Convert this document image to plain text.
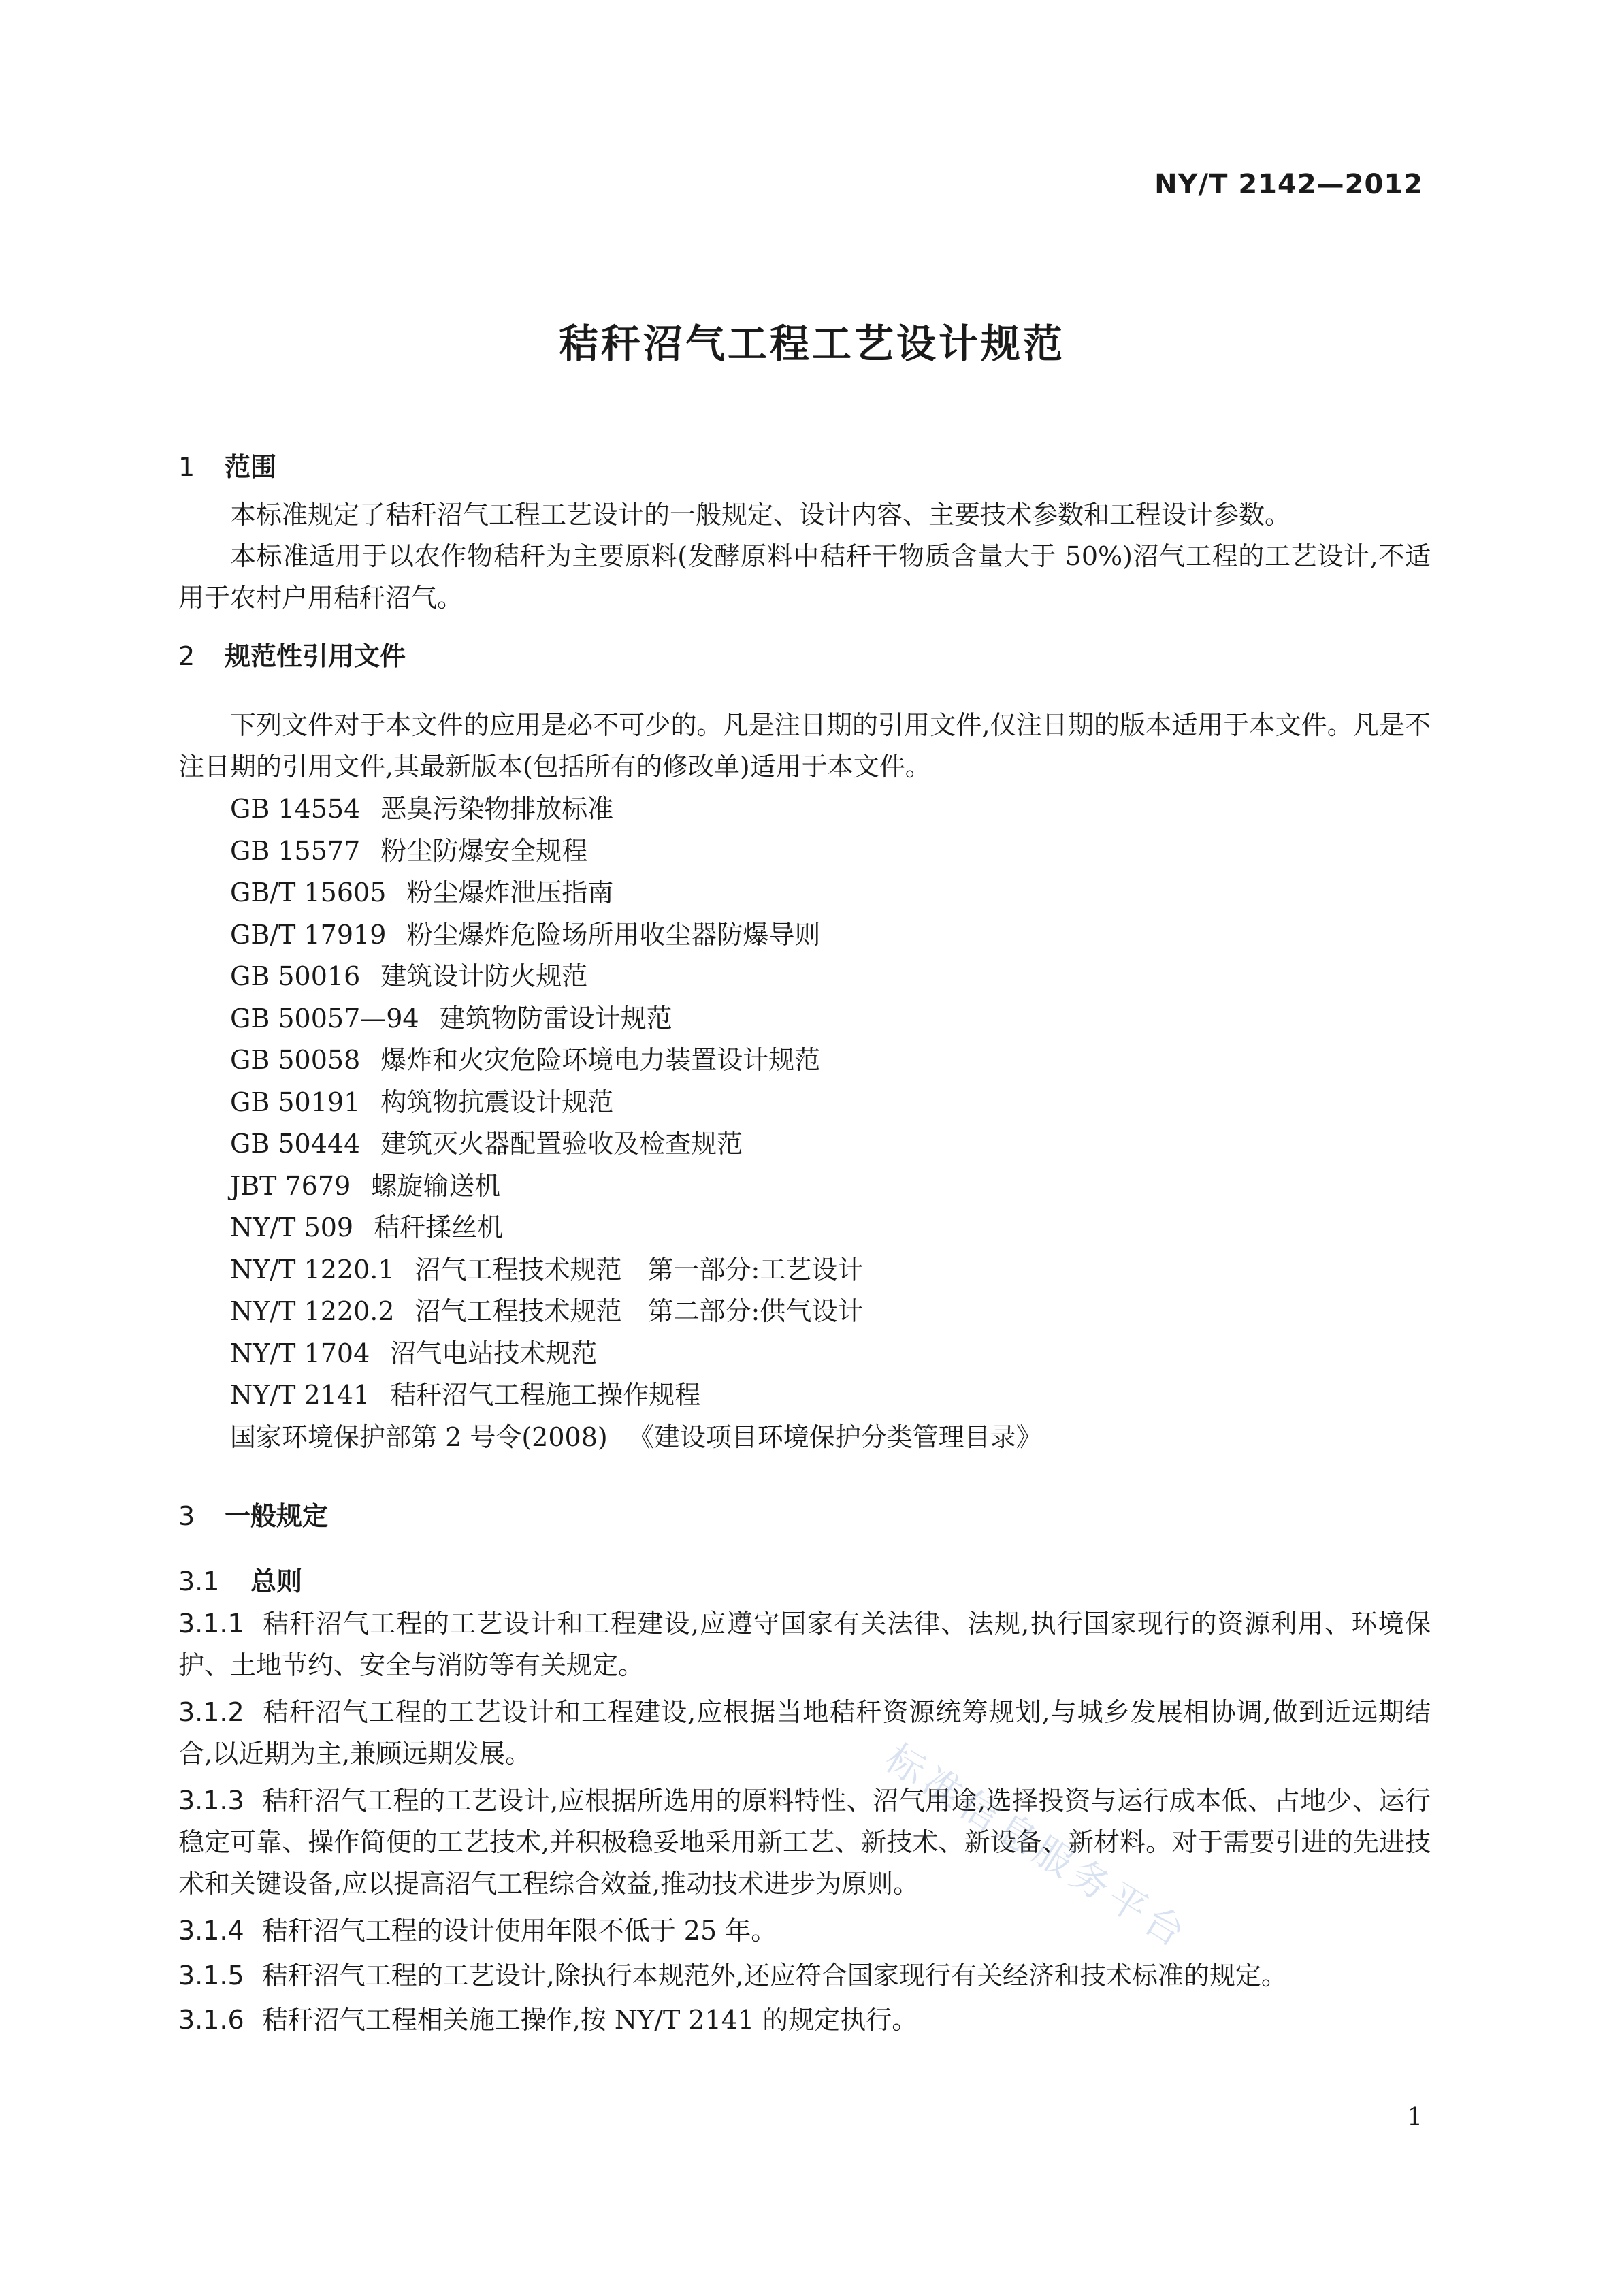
NY/T 2142—2012
秸秆沼气工程工艺设计规范
1 范围
本标准规定了秸秆沼气工程工艺设计的一般规定、设计内容、主要技术参数和工程设计参数。
本标准适用于以农作物秸秆为主要原料(发酵原料中秸秆干物质含量大于 50%)沼气工程的工艺设计,不适用于农村户用秸秆沼气。
2 规范性引用文件
下列文件对于本文件的应用是必不可少的。凡是注日期的引用文件,仅注日期的版本适用于本文件。凡是不注日期的引用文件,其最新版本(包括所有的修改单)适用于本文件。
GB 14554 恶臭污染物排放标准
GB 15577 粉尘防爆安全规程
GB/T 15605 粉尘爆炸泄压指南
GB/T 17919 粉尘爆炸危险场所用收尘器防爆导则
GB 50016 建筑设计防火规范
GB 50057—94 建筑物防雷设计规范
GB 50058 爆炸和火灾危险环境电力装置设计规范
GB 50191 构筑物抗震设计规范
GB 50444 建筑灭火器配置验收及检查规范
JBT 7679 螺旋输送机
NY/T 509 秸秆揉丝机
NY/T 1220.1 沼气工程技术规范　第一部分:工艺设计
NY/T 1220.2 沼气工程技术规范　第二部分:供气设计
NY/T 1704 沼气电站技术规范
NY/T 2141 秸秆沼气工程施工操作规程
国家环境保护部第 2 号令(2008) 《建设项目环境保护分类管理目录》
3 一般规定
3.1 总则
3.1.1 秸秆沼气工程的工艺设计和工程建设,应遵守国家有关法律、法规,执行国家现行的资源利用、环境保护、土地节约、安全与消防等有关规定。
3.1.2 秸秆沼气工程的工艺设计和工程建设,应根据当地秸秆资源统筹规划,与城乡发展相协调,做到近远期结合,以近期为主,兼顾远期发展。
3.1.3 秸秆沼气工程的工艺设计,应根据所选用的原料特性、沼气用途,选择投资与运行成本低、占地少、运行稳定可靠、操作简便的工艺技术,并积极稳妥地采用新工艺、新技术、新设备、新材料。对于需要引进的先进技术和关键设备,应以提高沼气工程综合效益,推动技术进步为原则。
3.1.4 秸秆沼气工程的设计使用年限不低于 25 年。
3.1.5 秸秆沼气工程的工艺设计,除执行本规范外,还应符合国家现行有关经济和技术标准的规定。
3.1.6 秸秆沼气工程相关施工操作,按 NY/T 2141 的规定执行。
标准信息服务平台
1
